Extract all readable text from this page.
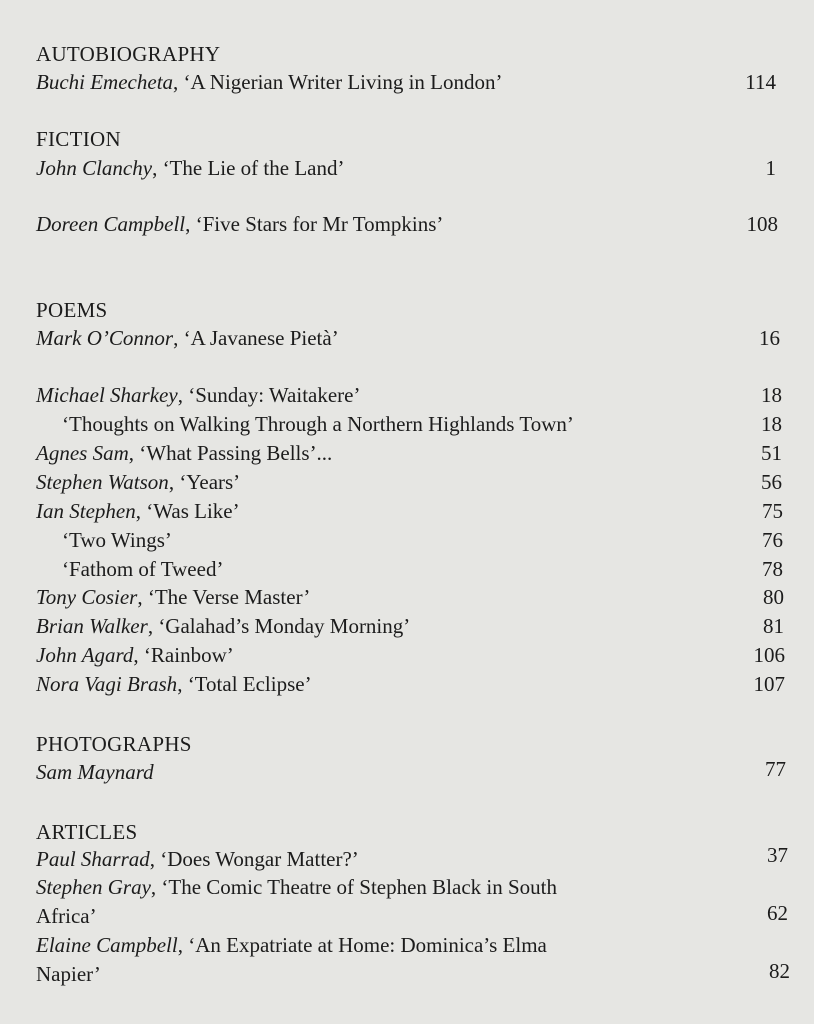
AUTOBIOGRAPHY
Buchi Emecheta, ‘A Nigerian Writer Living in London’	114
FICTION
John Clanchy, ‘The Lie of the Land’	1
Doreen Campbell, ‘Five Stars for Mr Tompkins’	108
POEMS
Mark O’Connor, ‘A Javanese Pietà’	16
Michael Sharkey, ‘Sunday: Waitakere’	18
‘Thoughts on Walking Through a Northern Highlands Town’	18
Agnes Sam, ‘What Passing Bells’...	51
Stephen Watson, ‘Years’	56
Ian Stephen, ‘Was Like’	75
‘Two Wings’	76
‘Fathom of Tweed’	78
Tony Cosier, ‘The Verse Master’	80
Brian Walker, ‘Galahad’s Monday Morning’	81
John Agard, ‘Rainbow’	106
Nora Vagi Brash, ‘Total Eclipse’	107
PHOTOGRAPHS
Sam Maynard	77
ARTICLES
Paul Sharrad, ‘Does Wongar Matter?’	37
Stephen Gray, ‘The Comic Theatre of Stephen Black in South
Africa’	62
Elaine Campbell, ‘An Expatriate at Home: Dominica’s Elma
Napier’	82
